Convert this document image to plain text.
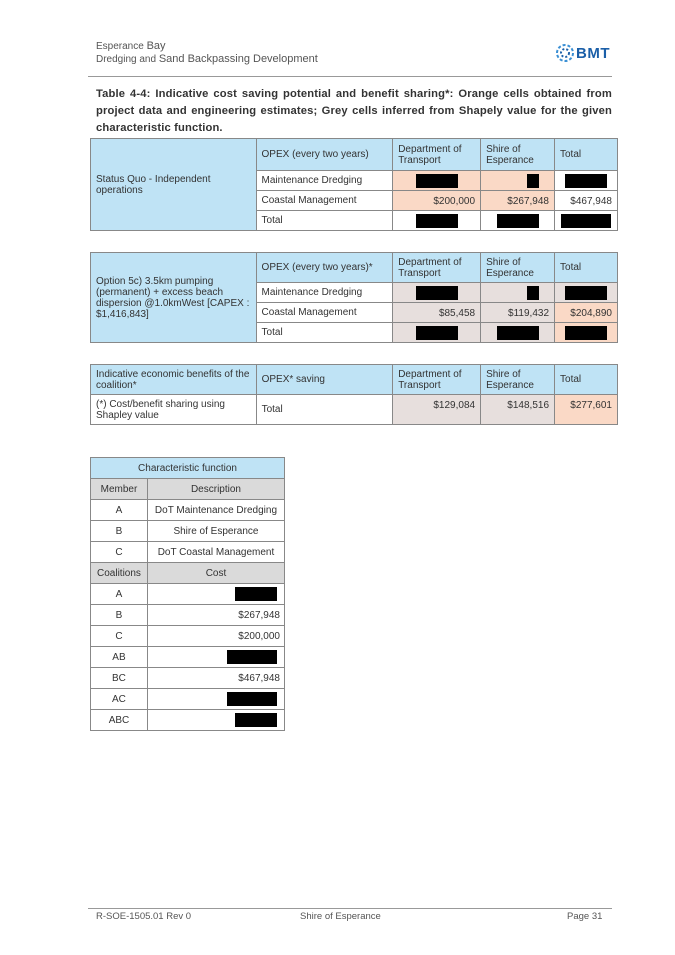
Esperance Bay
Dredging and Sand Backpassing Development	BMT
Table 4-4: Indicative cost saving potential and benefit sharing*: Orange cells obtained from project data and engineering estimates; Grey cells inferred from Shapely value for the given characteristic function.
Status Quo - Independent operations	OPEX (every two years)	Department of Transport	Shire of Esperance	Total
	Maintenance Dredging	

	Coastal Management	$200,000	$267,948	$467,948
	Total	

Option 5c) 3.5km pumping (permanent) + excess beach dispersion @1.0kmWest [CAPEX : $1,416,843]	OPEX (every two years)*	Department of Transport	Shire of Esperance	Total
	Maintenance Dredging	

	Coastal Management	$85,458	$119,432	$204,890
	Total	

Indicative economic benefits of the coalition*	OPEX* saving	Department of Transport	Shire of Esperance	Total
(*) Cost/benefit sharing using Shapley value	Total	$129,084	$148,516	$277,601
Characteristic function	
Member	Description
A	DoT Maintenance Dredging
B	Shire of Esperance
C	DoT Coastal Management
Coalitions	Cost
A	

B	$267,948
C	$200,000
AB	

BC	$467,948
AC	

ABC	
R-SOE-1505.01 Rev 0	Shire of Esperance	Page 31
